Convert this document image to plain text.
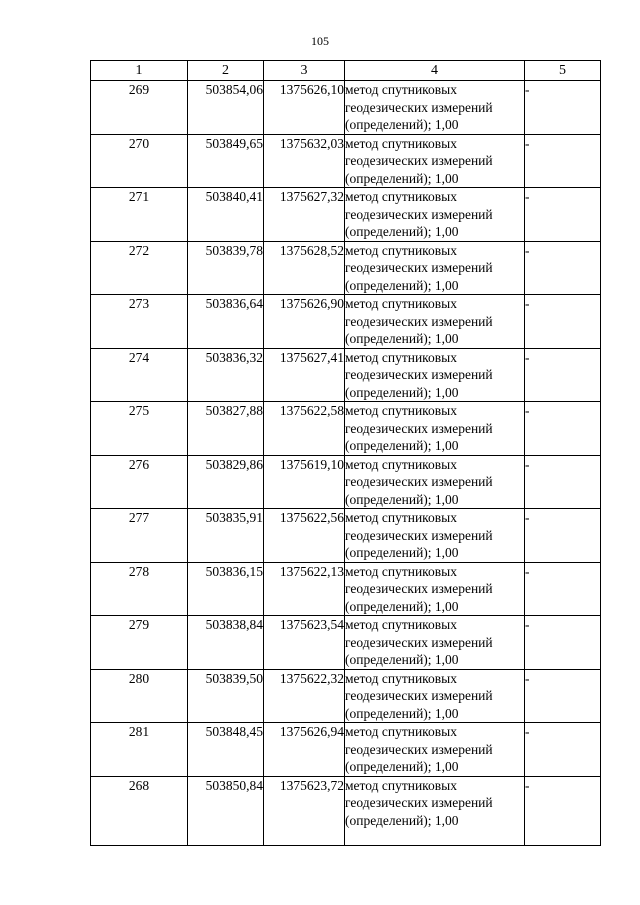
105
1	2	3	4	5
269	503854,06	1375626,10	метод спутниковых
геодезических измерений
(определений); 1,00	-
270	503849,65	1375632,03	метод спутниковых
геодезических измерений
(определений); 1,00	-
271	503840,41	1375627,32	метод спутниковых
геодезических измерений
(определений); 1,00	-
272	503839,78	1375628,52	метод спутниковых
геодезических измерений
(определений); 1,00	-
273	503836,64	1375626,90	метод спутниковых
геодезических измерений
(определений); 1,00	-
274	503836,32	1375627,41	метод спутниковых
геодезических измерений
(определений); 1,00	-
275	503827,88	1375622,58	метод спутниковых
геодезических измерений
(определений); 1,00	-
276	503829,86	1375619,10	метод спутниковых
геодезических измерений
(определений); 1,00	-
277	503835,91	1375622,56	метод спутниковых
геодезических измерений
(определений); 1,00	-
278	503836,15	1375622,13	метод спутниковых
геодезических измерений
(определений); 1,00	-
279	503838,84	1375623,54	метод спутниковых
геодезических измерений
(определений); 1,00	-
280	503839,50	1375622,32	метод спутниковых
геодезических измерений
(определений); 1,00	-
281	503848,45	1375626,94	метод спутниковых
геодезических измерений
(определений); 1,00	-
268	503850,84	1375623,72	метод спутниковых
геодезических измерений
(определений); 1,00	-
